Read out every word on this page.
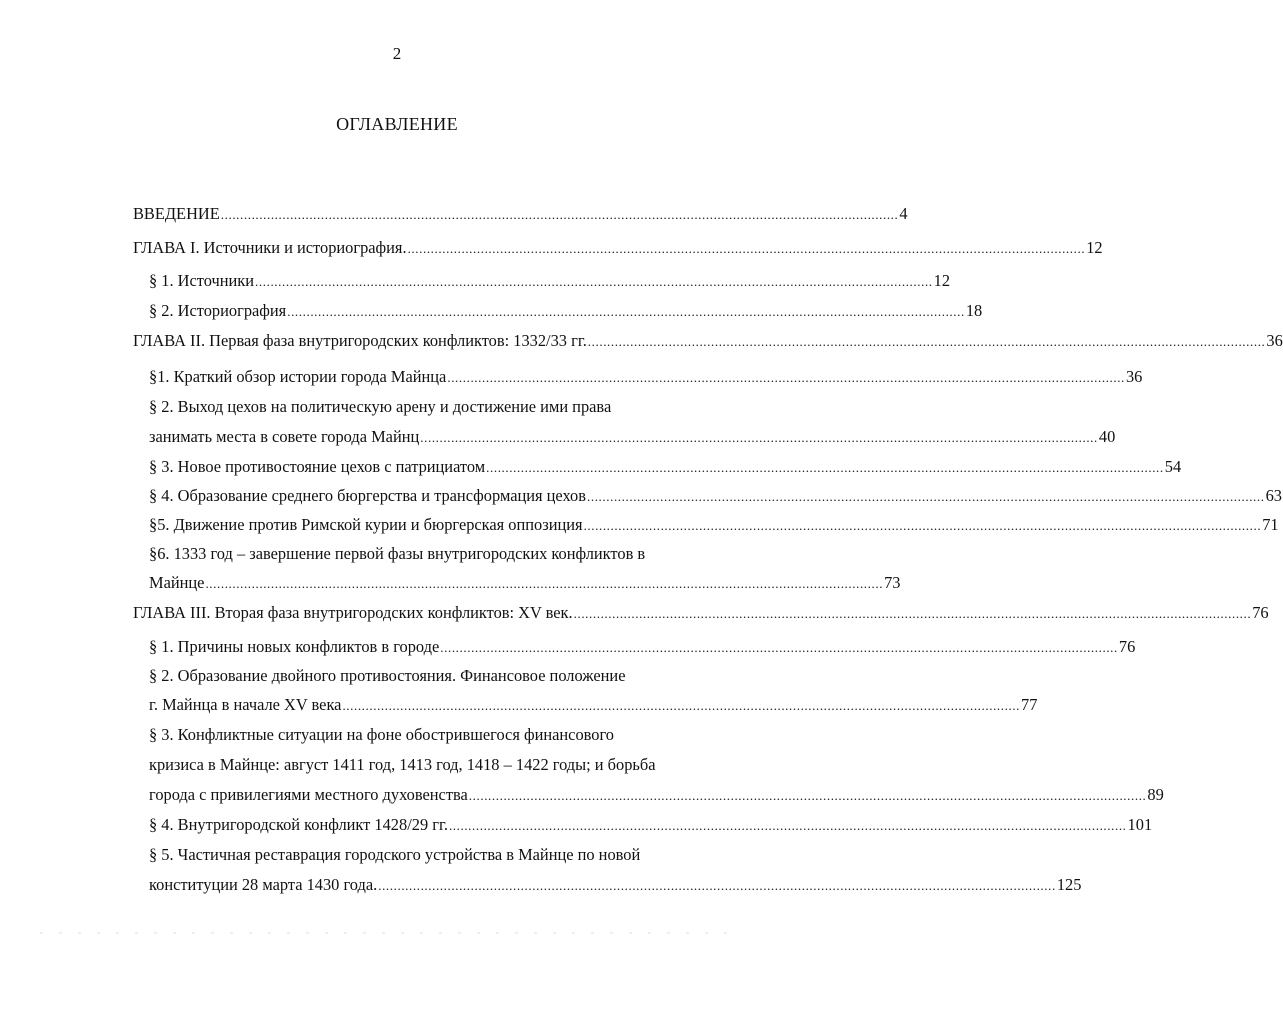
2
ОГЛАВЛЕНИЕ
ВВЕДЕНИЕ ................................................................................................................................................................................ 4
ГЛАВА I. Источники и историография. ................................................................................................................................................................................ 12
§ 1. Источники ................................................................................................................................................................................ 12
§ 2. Историография ................................................................................................................................................................................ 18
ГЛАВА II. Первая фаза внутригородских конфликтов: 1332/33 гг. ................................................................................................................................................................................ 36
§1. Краткий обзор истории города Майнца ................................................................................................................................................................................ 36
§ 2. Выход цехов на политическую арену и достижение ими права
занимать места в совете города Майнц ................................................................................................................................................................................ 40
§ 3. Новое противостояние цехов с патрициатом ................................................................................................................................................................................ 54
§ 4. Образование среднего бюргерства и трансформация цехов ................................................................................................................................................................................ 63
§5. Движение против Римской курии и бюргерская оппозиция ................................................................................................................................................................................ 71
§6. 1333 год – завершение первой фазы внутригородских конфликтов в
Майнце ................................................................................................................................................................................ 73
ГЛАВА III. Вторая фаза внутригородских конфликтов: XV век. ................................................................................................................................................................................ 76
§ 1. Причины новых конфликтов в городе ................................................................................................................................................................................ 76
§ 2. Образование двойного противостояния. Финансовое положение
г. Майнца в начале XV века ................................................................................................................................................................................ 77
§ 3. Конфликтные ситуации на фоне обострившегося финансового
кризиса в Майнце: август 1411 год, 1413 год, 1418 – 1422 годы; и борьба
города с привилегиями местного духовенства ................................................................................................................................................................................ 89
§ 4. Внутригородской конфликт 1428/29 гг. ................................................................................................................................................................................ 101
§ 5. Частичная реставрация городского устройства в Майнце по новой
конституции 28 марта 1430 года. ................................................................................................................................................................................ 125
